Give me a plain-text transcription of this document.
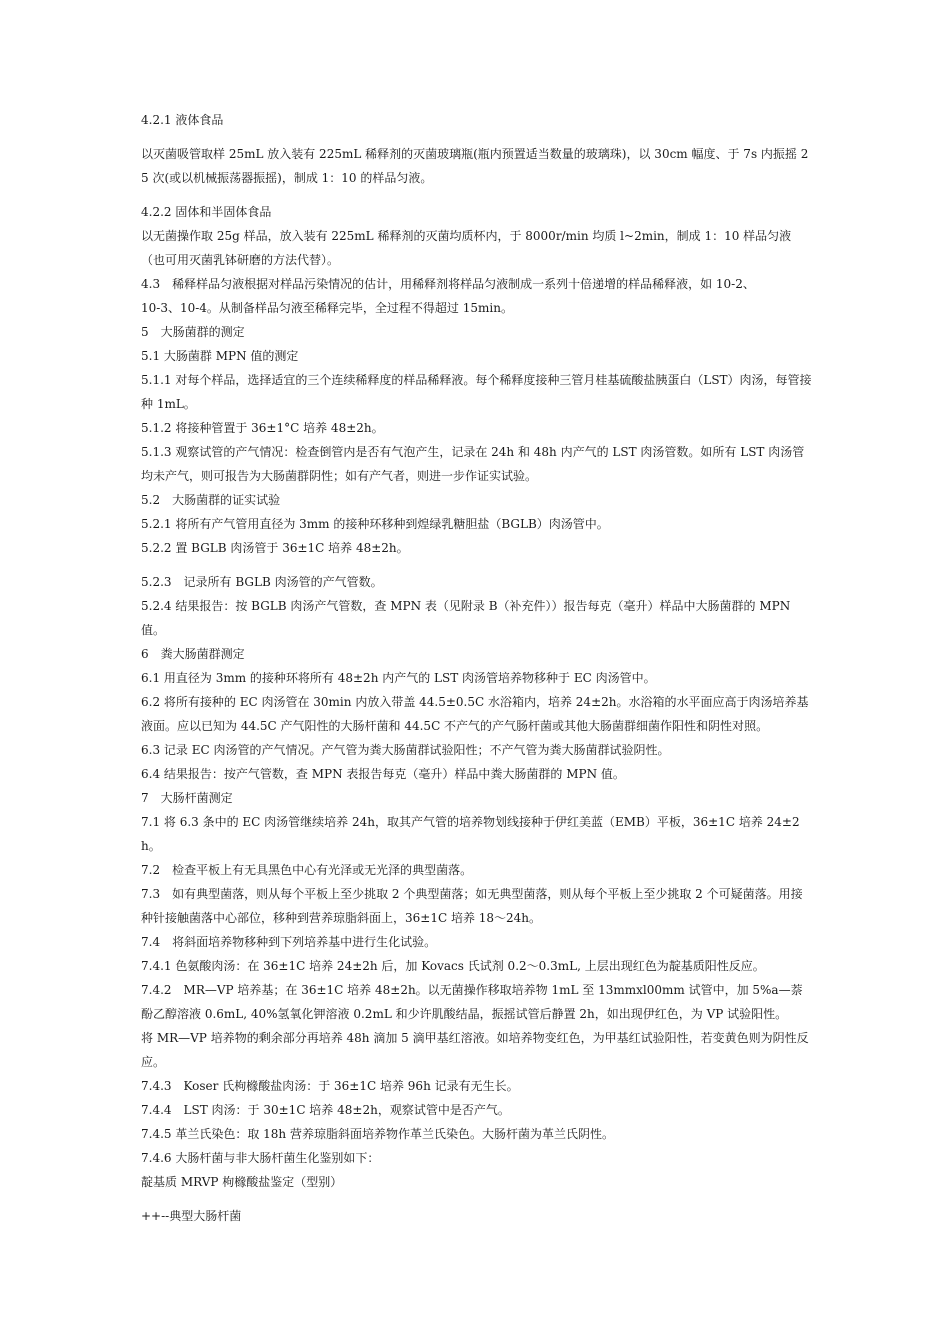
4.2.1 液体食品

以灭菌吸管取样 25mL 放入装有 225mL 稀释剂的灭菌玻璃瓶(瓶内预置适当数量的玻璃珠)，以 30cm 幅度、于 7s 内振摇 25 次(或以机械振荡器振摇)，制成 1：10 的样品匀液。

4.2.2 固体和半固体食品

以无菌操作取 25g 样品，放入装有 225mL 稀释剂的灭菌均质杯内，于 8000r/min 均质 l~2min，制成 1：10 样品匀液（也可用灭菌乳钵研磨的方法代替）。

4.3　稀释样品匀液根据对样品污染情况的估计，用稀释剂将样品匀液制成一系列十倍递增的样品稀释液，如 10-2、

10-3、10-4。从制备样品匀液至稀释完毕，全过程不得超过 15min。

5　大肠菌群的测定

5.1 大肠菌群 MPN 值的测定

5.1.1 对每个样品，选择适宜的三个连续稀释度的样品稀释液。每个稀释度接种三管月桂基硫酸盐胰蛋白（LST）肉汤，每管接种 1mL。

5.1.2 将接种管置于 36±1°C 培养 48±2h。

5.1.3 观察试管的产气情况：检查倒管内是否有气泡产生，记录在 24h 和 48h 内产气的 LST 肉汤管数。如所有 LST 肉汤管均未产气，则可报告为大肠菌群阴性；如有产气者，则进一步作证实试验。

5.2　大肠菌群的证实试验

5.2.1 将所有产气管用直径为 3mm 的接种环移种到煌绿乳糖胆盐（BGLB）肉汤管中。

5.2.2 置 BGLB 肉汤管于 36±1C 培养 48±2h。

5.2.3　记录所有 BGLB 肉汤管的产气管数。

5.2.4 结果报告：按 BGLB 肉汤产气管数，查 MPN 表（见附录 B（补充件））报告每克（毫升）样品中大肠菌群的 MPN 值。

6　粪大肠菌群测定

6.1 用直径为 3mm 的接种环将所有 48±2h 内产气的 LST 肉汤管培养物移种于 EC 肉汤管中。

6.2 将所有接种的 EC 肉汤管在 30min 内放入带盖 44.5±0.5C 水浴箱内，培养 24±2h。水浴箱的水平面应高于肉汤培养基液面。应以已知为 44.5C 产气阳性的大肠杆菌和 44.5C 不产气的产气肠杆菌或其他大肠菌群细菌作阳性和阴性对照。

6.3 记录 EC 肉汤管的产气情况。产气管为粪大肠菌群试验阳性；不产气管为粪大肠菌群试验阴性。

6.4 结果报告：按产气管数，查 MPN 表报告每克（毫升）样品中粪大肠菌群的 MPN 值。

7　大肠杆菌测定

7.1 将 6.3 条中的 EC 肉汤管继续培养 24h，取其产气管的培养物划线接种于伊红美蓝（EMB）平板，36±1C 培养 24±2h。

7.2　检查平板上有无具黑色中心有光泽或无光泽的典型菌落。

7.3　如有典型菌落，则从每个平板上至少挑取 2 个典型菌落；如无典型菌落，则从每个平板上至少挑取 2 个可疑菌落。用接种针接触菌落中心部位，移种到营养琼脂斜面上，36±1C 培养 18～24h。

7.4　将斜面培养物移种到下列培养基中进行生化试验。

7.4.1 色氨酸肉汤：在 36±1C 培养 24±2h 后，加 Kovacs 氏试剂 0.2～0.3mL, 上层出现红色为靛基质阳性反应。

7.4.2　MR—VP 培养基；在 36±1C 培养 48±2h。以无菌操作移取培养物 1mL 至 13mmxl00mm 试管中，加 5%a—萘酚乙醇溶液 0.6mL, 40%氢氧化钾溶液 0.2mL 和少许肌酸结晶，振摇试管后静置 2h，如出现伊红色，为 VP 试验阳性。

将 MR—VP 培养物的剩余部分再培养 48h 滴加 5 滴甲基红溶液。如培养物变红色，为甲基红试验阳性，若变黄色则为阴性反应。

7.4.3　Koser 氏枸橼酸盐肉汤：于 36±1C 培养 96h 记录有无生长。

7.4.4　LST 肉汤：于 30±1C 培养 48±2h，观察试管中是否产气。

7.4.5 革兰氏染色：取 18h 营养琼脂斜面培养物作革兰氏染色。大肠杆菌为革兰氏阴性。

7.4.6 大肠杆菌与非大肠杆菌生化鉴别如下：

靛基质 MRVP 枸橼酸盐鉴定（型别）

++--典型大肠杆菌
